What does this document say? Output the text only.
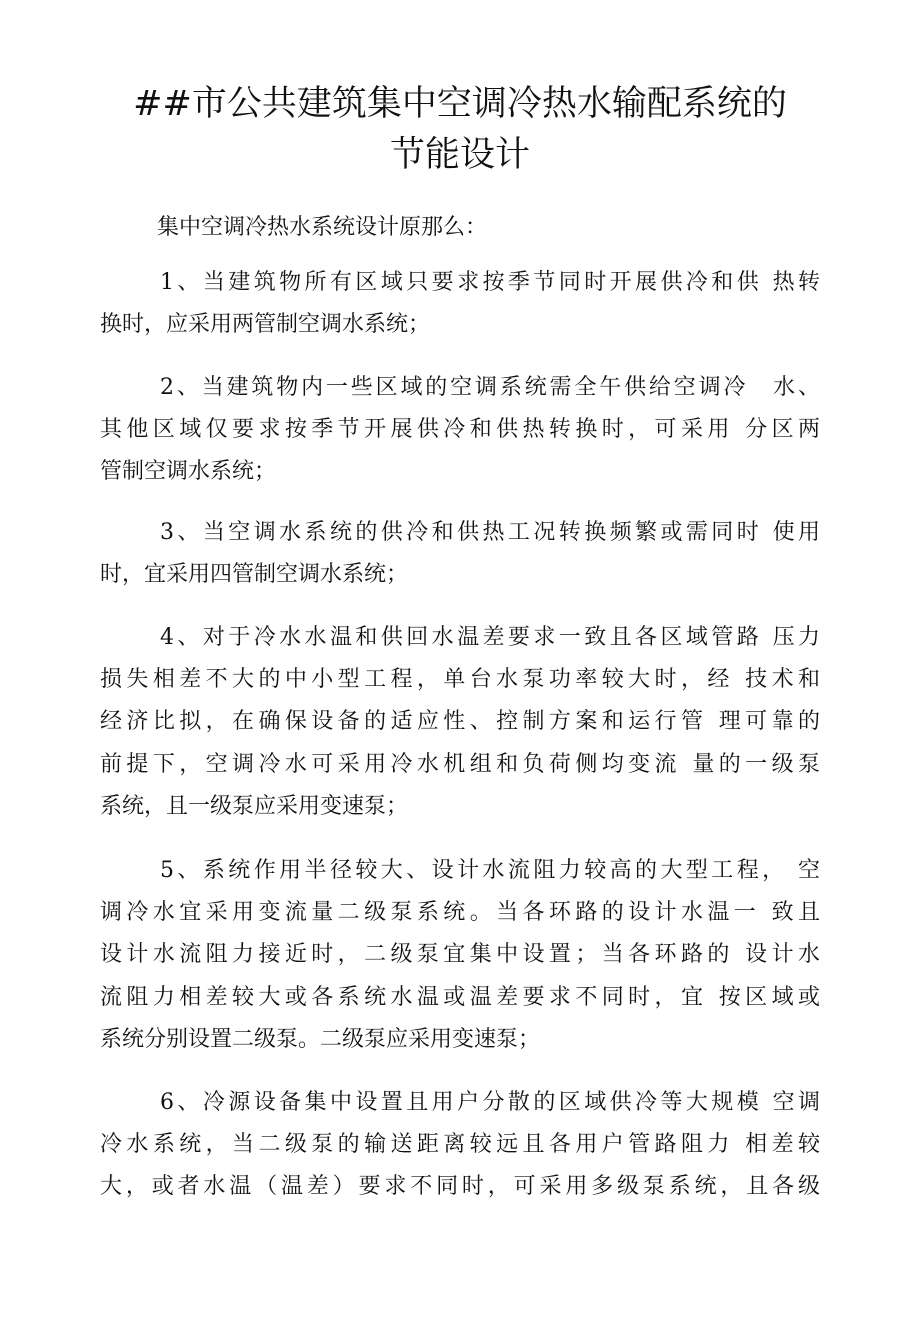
##市公共建筑集中空调冷热水输配系统的
节能设计
集中空调冷热水系统设计原那么：
1、当建筑物所有区域只要求按季节同时开展供冷和供 热转
换时，应采用两管制空调水系统；
2、当建筑物内一些区域的空调系统需全午供给空调冷　水、
其他区域仅要求按季节开展供冷和供热转换时，可采用 分区两
管制空调水系统；
3、当空调水系统的供冷和供热工况转换频繁或需同时 使用
时，宜采用四管制空调水系统；
4、对于冷水水温和供回水温差要求一致且各区域管路 压力
损失相差不大的中小型工程，单台水泵功率较大时，经 技术和
经济比拟，在确保设备的适应性、控制方案和运行管 理可靠的
前提下，空调冷水可采用冷水机组和负荷侧均变流 量的一级泵
系统，且一级泵应采用变速泵；
5、系统作用半径较大、设计水流阻力较高的大型工程， 空
调冷水宜采用变流量二级泵系统。当各环路的设计水温一 致且
设计水流阻力接近时，二级泵宜集中设置；当各环路的 设计水
流阻力相差较大或各系统水温或温差要求不同时，宜 按区域或
系统分别设置二级泵。二级泵应采用变速泵；
6、冷源设备集中设置且用户分散的区域供冷等大规模 空调
冷水系统，当二级泵的输送距离较远且各用户管路阻力 相差较
大，或者水温（温差）要求不同时，可采用多级泵系统，且各级
